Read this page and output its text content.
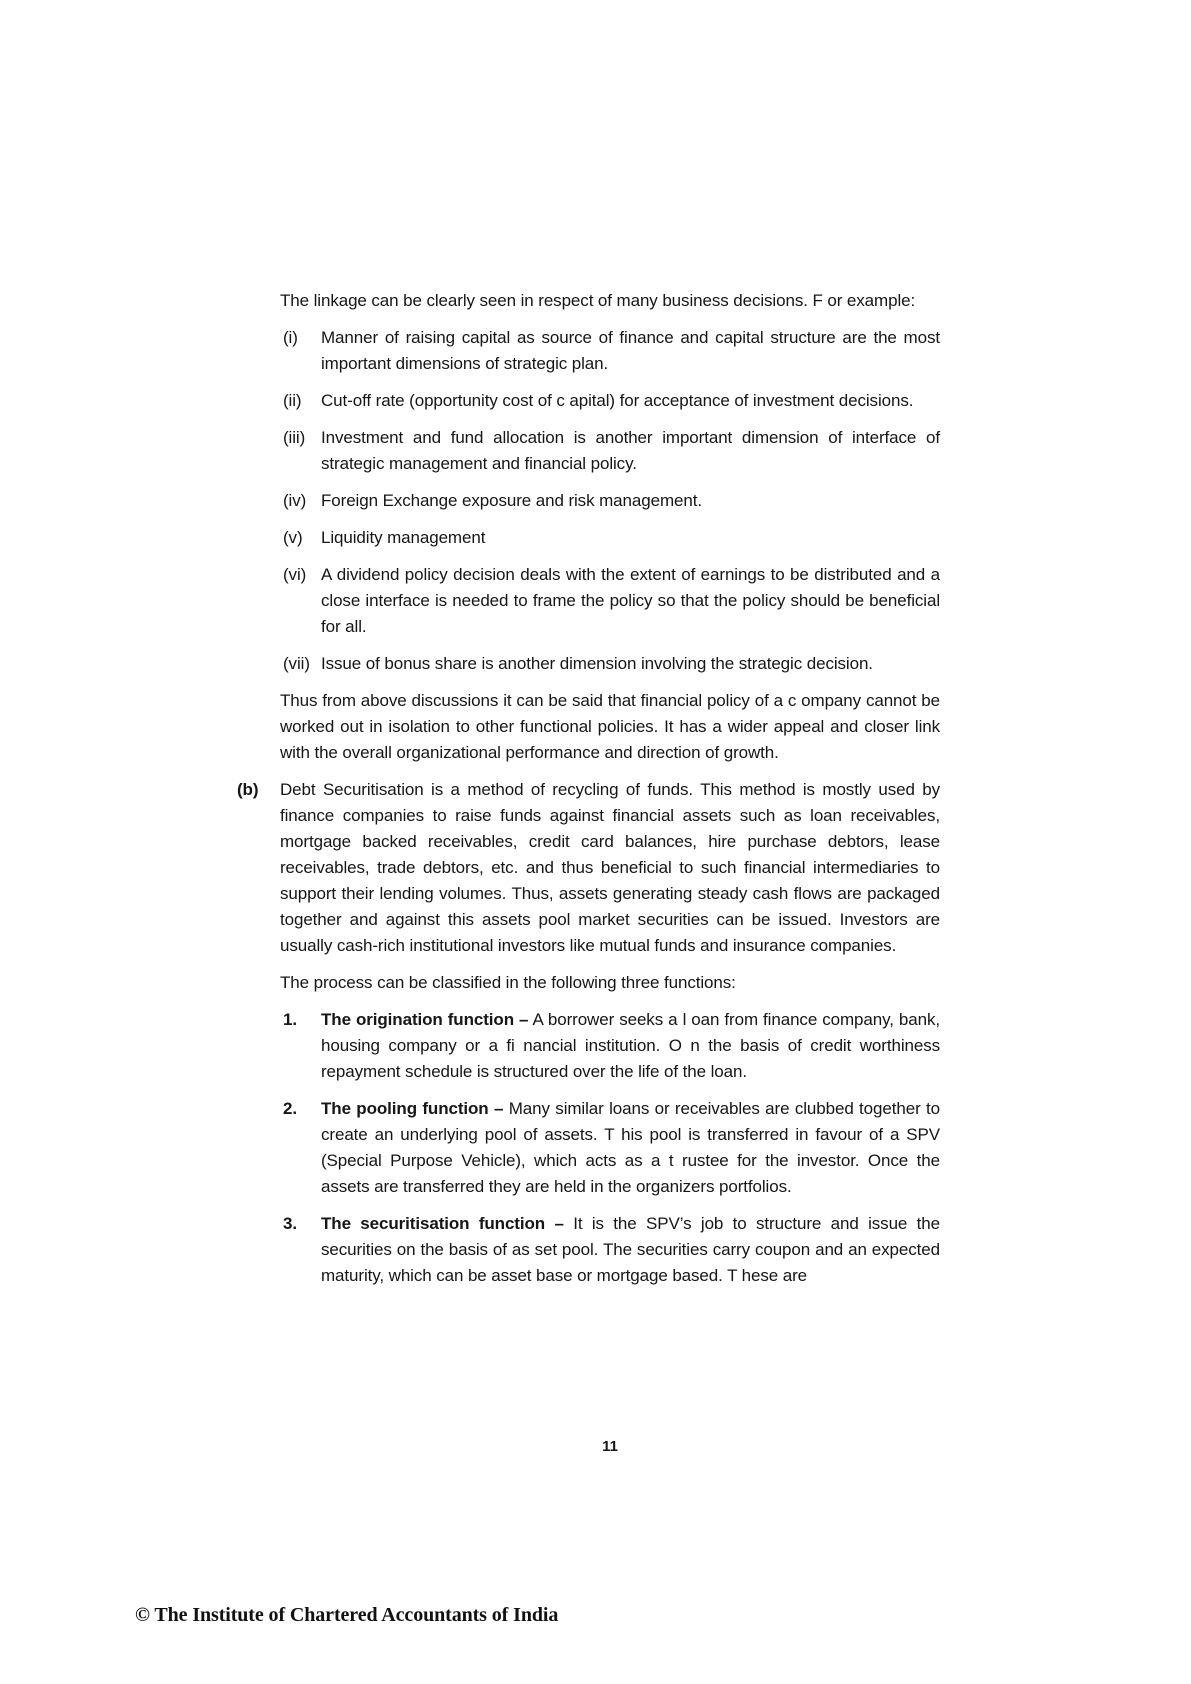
The linkage can be clearly seen in respect of many business decisions. F or example:

(i)	Manner of raising capital as source of finance and capital structure are the most important dimensions of strategic plan.

(ii)	Cut-off rate (opportunity cost of c apital) for acceptance of investment decisions.

(iii) Investment and fund allocation is another important dimension of interface of strategic management and financial policy.

(iv) Foreign Exchange exposure and risk management.

(v)	Liquidity management

(vi) A dividend policy decision deals with the extent of earnings to be distributed and a close interface is needed to frame the policy so that the policy should be beneficial for all.

(vii) Issue of bonus share is another dimension involving the strategic decision.

Thus from above discussions it can be said that financial policy of a c ompany cannot be worked out in isolation to other functional policies. It has a wider appeal and closer link with the overall organizational performance and direction of growth.

(b) Debt Securitisation is a method of recycling of funds. This method is mostly used by finance companies to raise funds against financial assets such as loan receivables, mortgage backed receivables, credit card balances, hire purchase debtors, lease receivables, trade debtors, etc. and thus beneficial to such financial intermediaries to support their lending volumes. Thus, assets generating steady cash flows are packaged together and against this assets pool market securities can be issued. Investors are usually cash-rich institutional investors like mutual funds and insurance companies.

The process can be classified in the following three functions:

1.	The origination function – A borrower seeks a l oan from finance company, bank, housing company or a fi nancial institution. O n the basis of credit worthiness repayment schedule is structured over the life of the loan.

2.	The pooling function – Many similar loans or receivables are clubbed together to create an underlying pool of assets. T his pool is transferred in favour of a SPV (Special Purpose Vehicle), which acts as a t rustee for the investor. Once the assets are transferred they are held in the organizers portfolios.

3.	The securitisation function – It is the SPV’s job to structure and issue the securities on the basis of as set pool. The securities carry coupon and an expected maturity, which can be asset base or mortgage based. T hese are

11
© The Institute of Chartered Accountants of India
